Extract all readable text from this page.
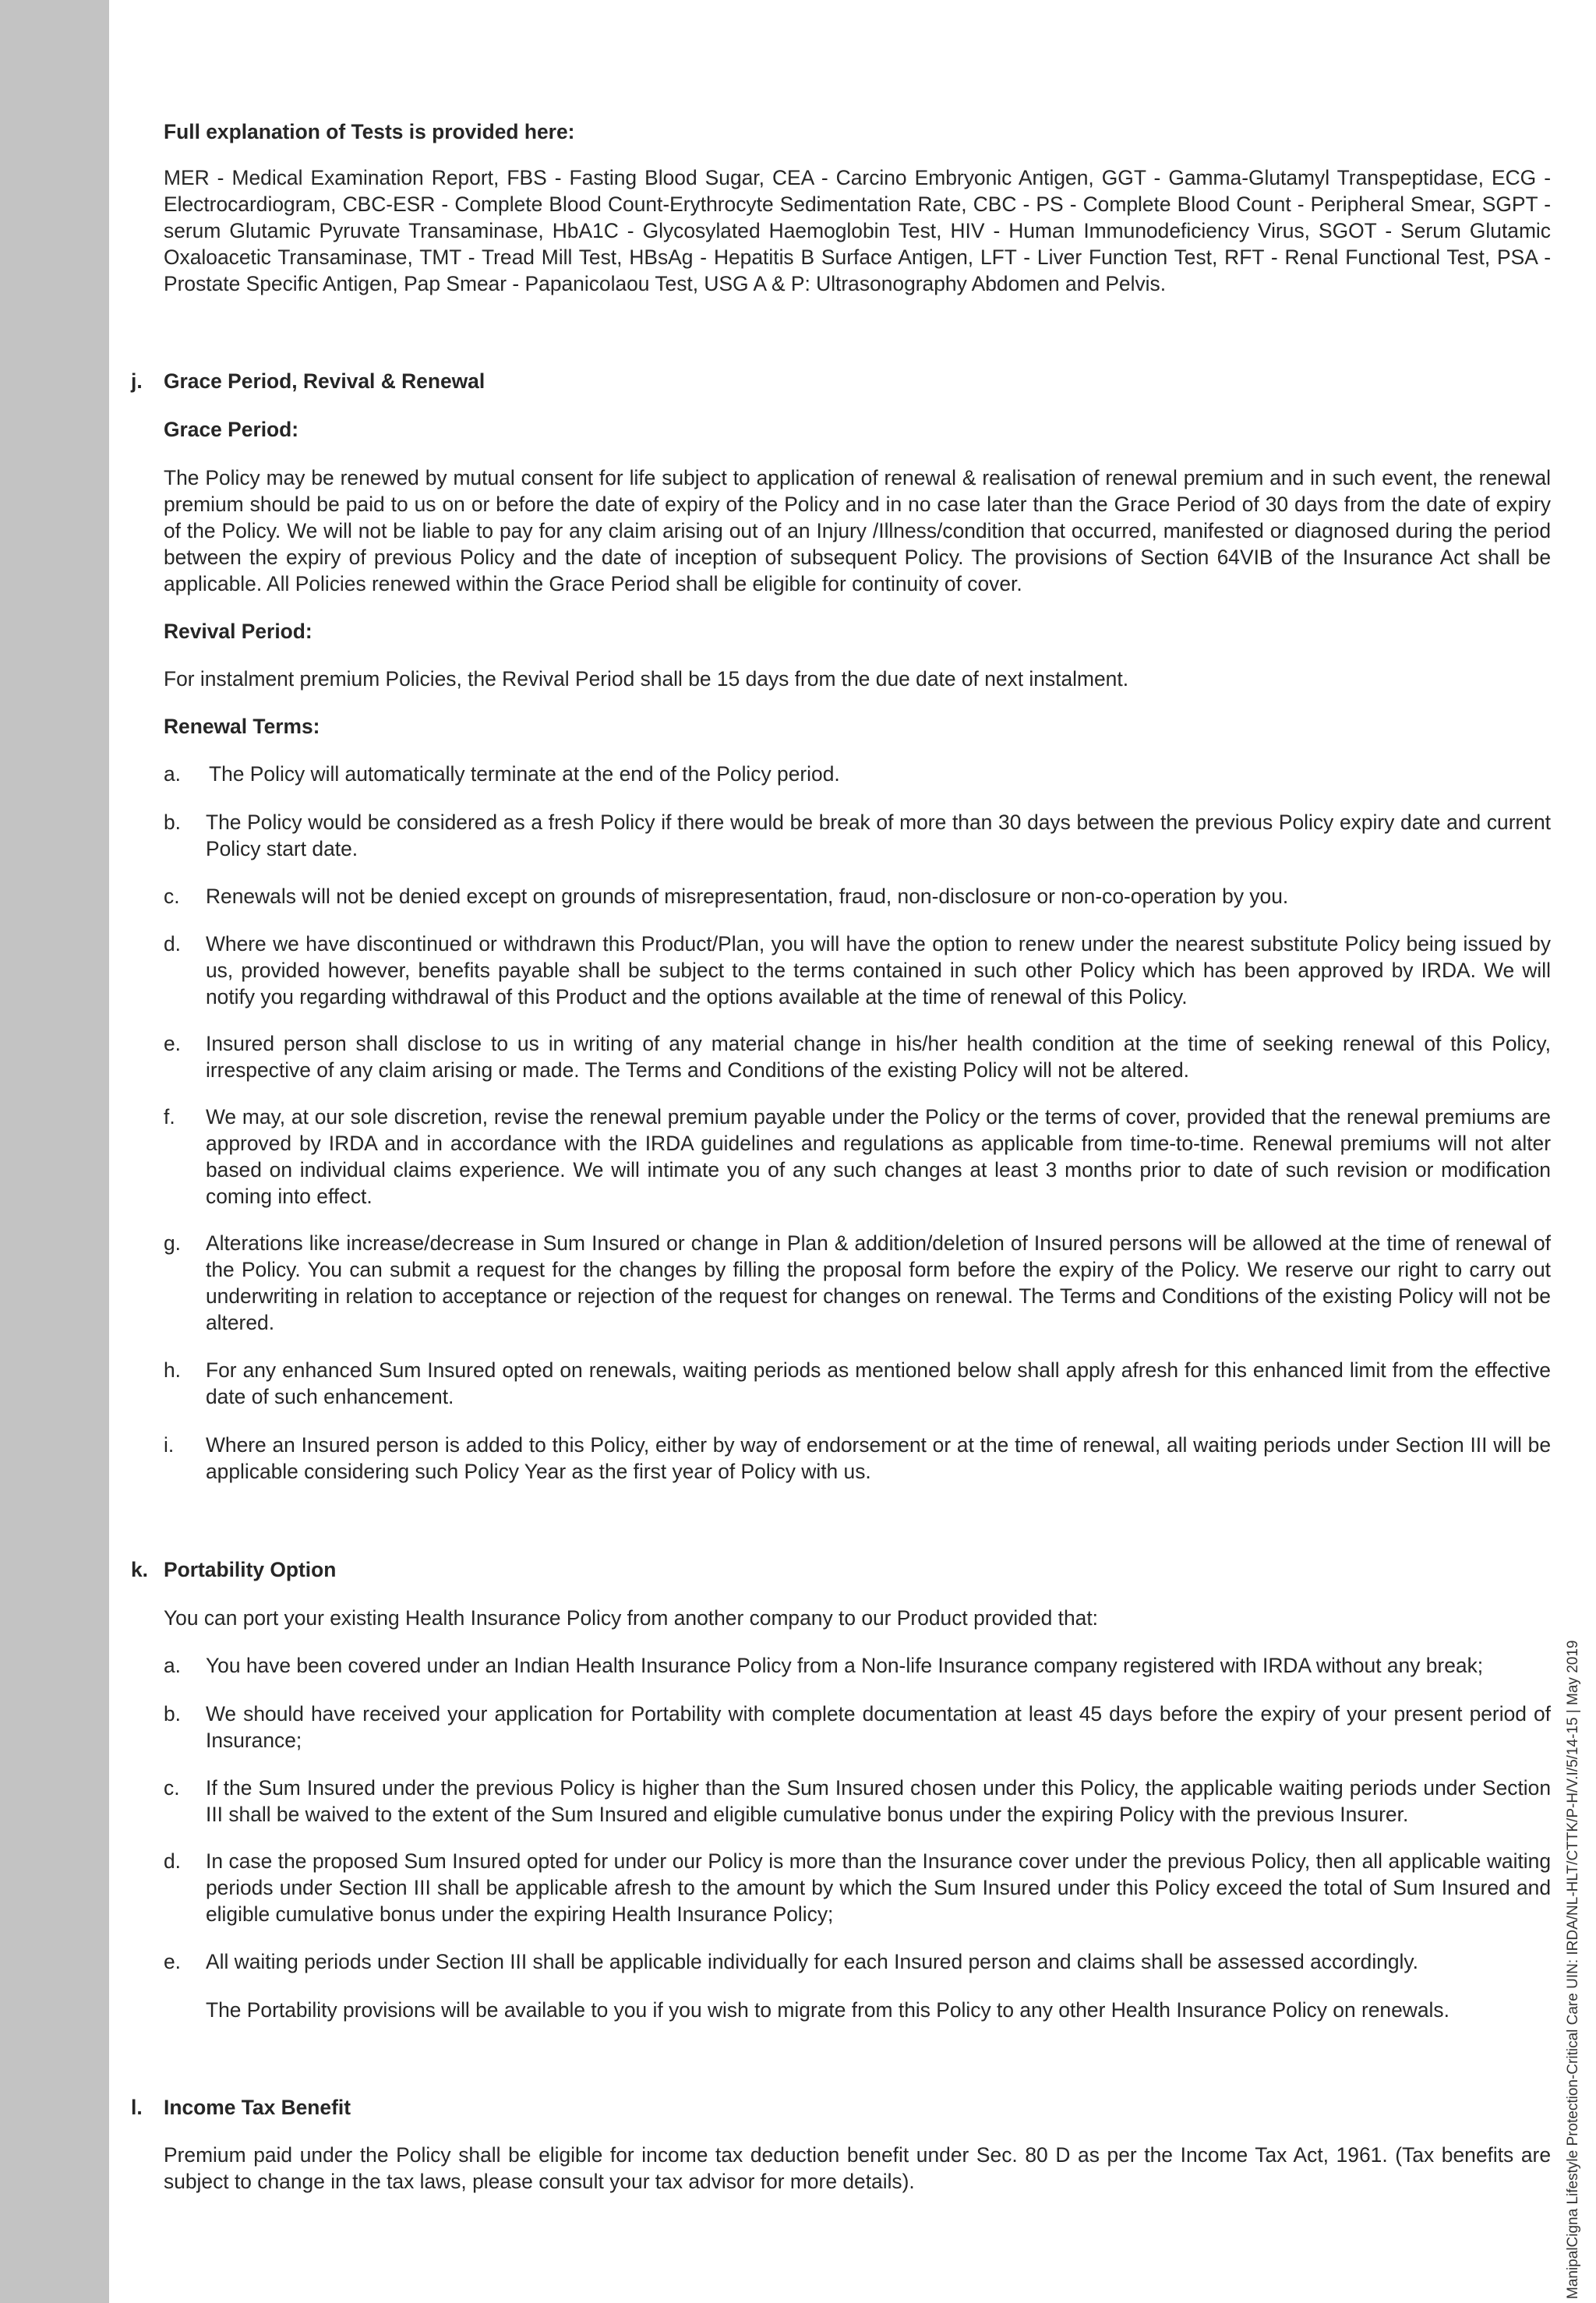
Full explanation of Tests is provided here:

MER - Medical Examination Report, FBS - Fasting Blood Sugar, CEA - Carcino Embryonic Antigen, GGT - Gamma-Glutamyl Transpeptidase, ECG - Electrocardiogram, CBC-ESR - Complete Blood Count-Erythrocyte Sedimentation Rate, CBC - PS - Complete Blood Count - Peripheral Smear, SGPT -serum Glutamic Pyruvate Transaminase, HbA1C - Glycosylated Haemoglobin Test, HIV - Human Immunodeficiency Virus, SGOT - Serum Glutamic Oxaloacetic Transaminase, TMT - Tread Mill Test, HBsAg - Hepatitis B Surface Antigen, LFT - Liver Function Test, RFT - Renal Functional Test, PSA - Prostate Specific Antigen, Pap Smear - Papanicolaou Test, USG A & P: Ultrasonography Abdomen and Pelvis.

j. Grace Period, Revival & Renewal

Grace Period:

The Policy may be renewed by mutual consent for life subject to application of renewal & realisation of renewal premium and in such event, the renewal premium should be paid to us on or before the date of expiry of the Policy and in no case later than the Grace Period of 30 days from the date of expiry of the Policy. We will not be liable to pay for any claim arising out of an Injury /Illness/condition that occurred, manifested or diagnosed during the period between the expiry of previous Policy and the date of inception of subsequent Policy. The provisions of Section 64VIB of the Insurance Act shall be applicable. All Policies renewed within the Grace Period shall be eligible for continuity of cover.

Revival Period:

For instalment premium Policies, the Revival Period shall be 15 days from the due date of next instalment.

Renewal Terms:

a. The Policy will automatically terminate at the end of the Policy period.

b. The Policy would be considered as a fresh Policy if there would be break of more than 30 days between the previous Policy expiry date and current Policy start date.

c. Renewals will not be denied except on grounds of misrepresentation, fraud, non-disclosure or non-co-operation by you.

d. Where we have discontinued or withdrawn this Product/Plan, you will have the option to renew under the nearest substitute Policy being issued by us, provided however, benefits payable shall be subject to the terms contained in such other Policy which has been approved by IRDA. We will notify you regarding withdrawal of this Product and the options available at the time of renewal of this Policy.

e. Insured person shall disclose to us in writing of any material change in his/her health condition at the time of seeking renewal of this Policy, irrespective of any claim arising or made. The Terms and Conditions of the existing Policy will not be altered.

f. We may, at our sole discretion, revise the renewal premium payable under the Policy or the terms of cover, provided that the renewal premiums are approved by IRDA and in accordance with the IRDA guidelines and regulations as applicable from time-to-time. Renewal premiums will not alter based on individual claims experience. We will intimate you of any such changes at least 3 months prior to date of such revision or modification coming into effect.

g. Alterations like increase/decrease in Sum Insured or change in Plan & addition/deletion of Insured persons will be allowed at the time of renewal of the Policy. You can submit a request for the changes by filling the proposal form before the expiry of the Policy. We reserve our right to carry out underwriting in relation to acceptance or rejection of the request for changes on renewal. The Terms and Conditions of the existing Policy will not be altered.

h. For any enhanced Sum Insured opted on renewals, waiting periods as mentioned below shall apply afresh for this enhanced limit from the effective date of such enhancement.

i. Where an Insured person is added to this Policy, either by way of endorsement or at the time of renewal, all waiting periods under Section III will be applicable considering such Policy Year as the first year of Policy with us.

k. Portability Option

You can port your existing Health Insurance Policy from another company to our Product provided that:

a. You have been covered under an Indian Health Insurance Policy from a Non-life Insurance company registered with IRDA without any break;

b. We should have received your application for Portability with complete documentation at least 45 days before the expiry of your present period of Insurance;

c. If the Sum Insured under the previous Policy is higher than the Sum Insured chosen under this Policy, the applicable waiting periods under Section III shall be waived to the extent of the Sum Insured and eligible cumulative bonus under the expiring Policy with the previous Insurer.

d. In case the proposed Sum Insured opted for under our Policy is more than the Insurance cover under the previous Policy, then all applicable waiting periods under Section III shall be applicable afresh to the amount by which the Sum Insured under this Policy exceed the total of Sum Insured and eligible cumulative bonus under the expiring Health Insurance Policy;

e. All waiting periods under Section III shall be applicable individually for each Insured person and claims shall be assessed accordingly.

The Portability provisions will be available to you if you wish to migrate from this Policy to any other Health Insurance Policy on renewals.

l. Income Tax Benefit

Premium paid under the Policy shall be eligible for income tax deduction benefit under Sec. 80 D as per the Income Tax Act, 1961. (Tax benefits are subject to change in the tax laws, please consult your tax advisor for more details).	ManipalCigna Lifestyle Protection-Critical Care UIN: IRDA/NL-HLT/CTTK/P-H/V.I/5/14-15 | May 2019
